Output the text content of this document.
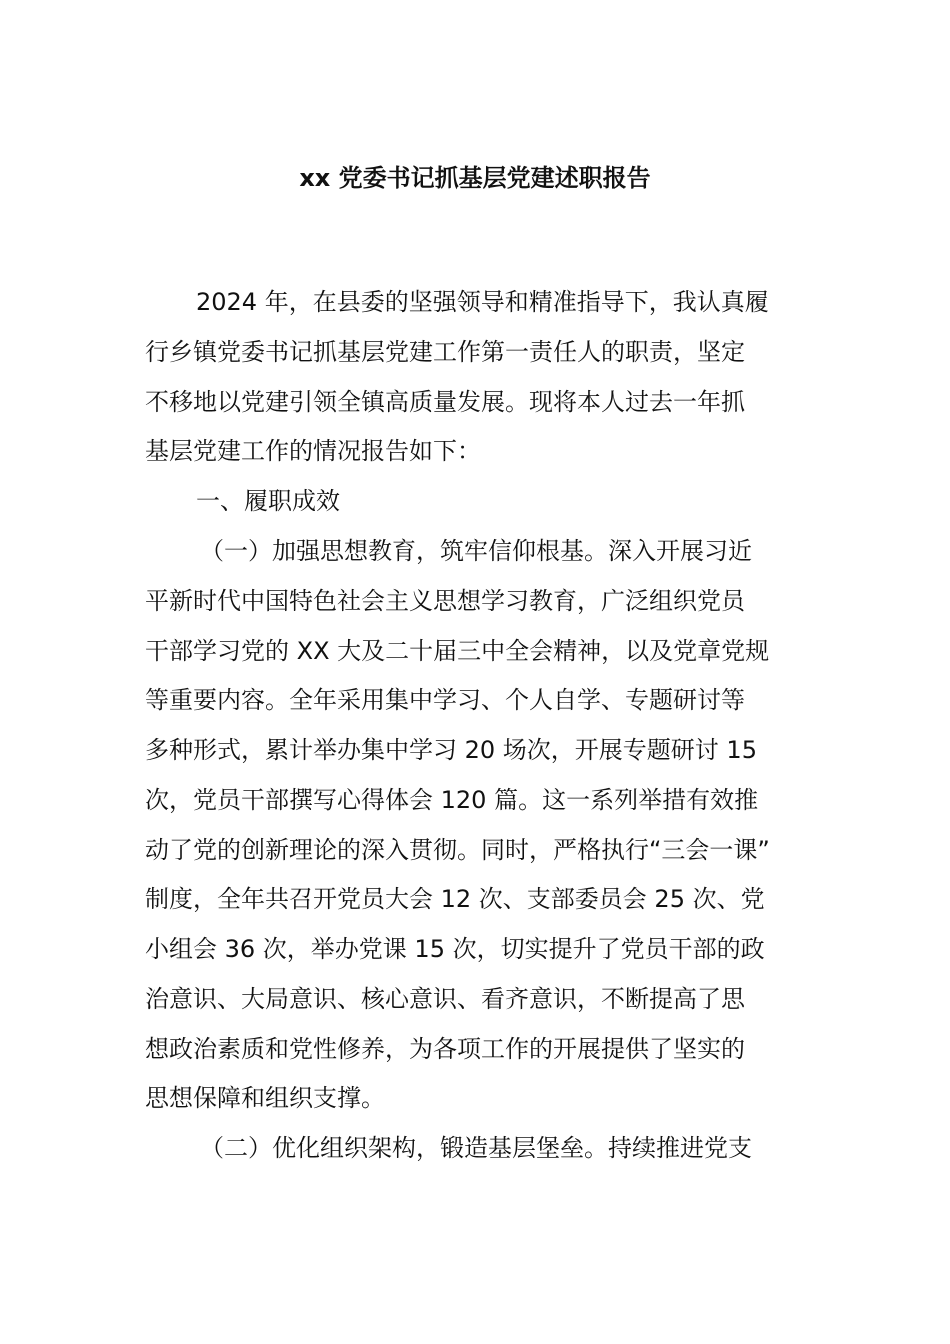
xx 党委书记抓基层党建述职报告

2024 年，在县委的坚强领导和精准指导下，我认真履

行乡镇党委书记抓基层党建工作第一责任人的职责，坚定

不移地以党建引领全镇高质量发展。现将本人过去一年抓

基层党建工作的情况报告如下：

一、履职成效

（一）加强思想教育，筑牢信仰根基。深入开展习近

平新时代中国特色社会主义思想学习教育，广泛组织党员

干部学习党的 XX 大及二十届三中全会精神，以及党章党规

等重要内容。全年采用集中学习、个人自学、专题研讨等

多种形式，累计举办集中学习 20 场次，开展专题研讨 15

次，党员干部撰写心得体会 120 篇。这一系列举措有效推

动了党的创新理论的深入贯彻。同时，严格执行“三会一课”

制度，全年共召开党员大会 12 次、支部委员会 25 次、党

小组会 36 次，举办党课 15 次，切实提升了党员干部的政

治意识、大局意识、核心意识、看齐意识，不断提高了思

想政治素质和党性修养，为各项工作的开展提供了坚实的

思想保障和组织支撑。

（二）优化组织架构，锻造基层堡垒。持续推进党支
